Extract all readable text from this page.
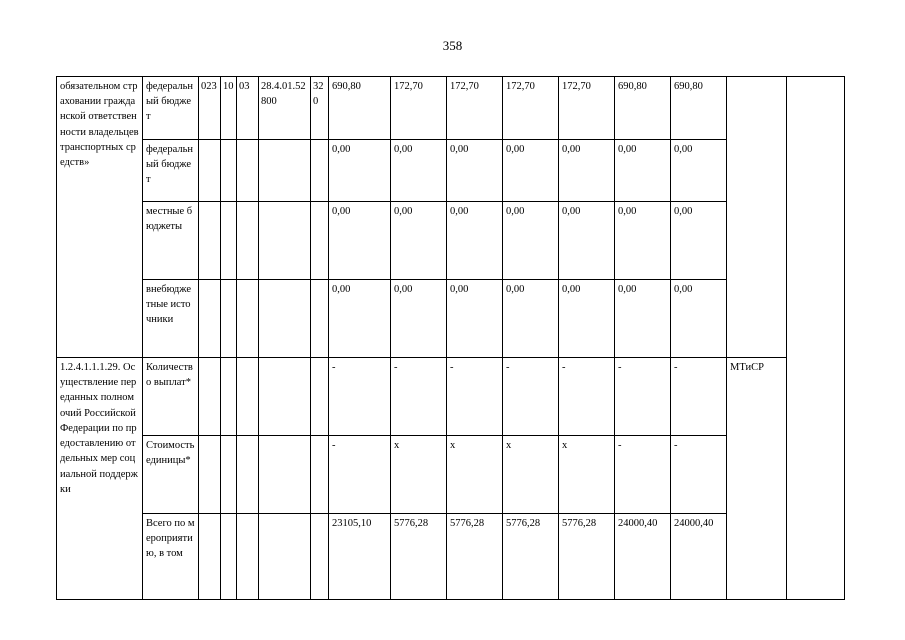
358
обязательном страховании гражданской ответственности владельцев транспортных средств»	федеральный бюджет	023	10	03	28.4.01.52800	320	690,80	172,70	172,70	172,70	172,70	690,80	690,80		
	федеральный бюджет						0,00	0,00	0,00	0,00	0,00	0,00	0,00		
	местные бюджеты						0,00	0,00	0,00	0,00	0,00	0,00	0,00		
	внебюджетные источники						0,00	0,00	0,00	0,00	0,00	0,00	0,00		
1.2.4.1.1.1.29. Осуществление переданных полномочий Российской Федерации по предоставлению отдельных мер социальной поддержки	Количество выплат*						-	-	-	-	-	-	-	МТиСР	
	Стоимость единицы*						-	х	х	х	х	-	-		
	Всего по мероприятию, в том						23105,10	5776,28	5776,28	5776,28	5776,28	24000,40	24000,40		
